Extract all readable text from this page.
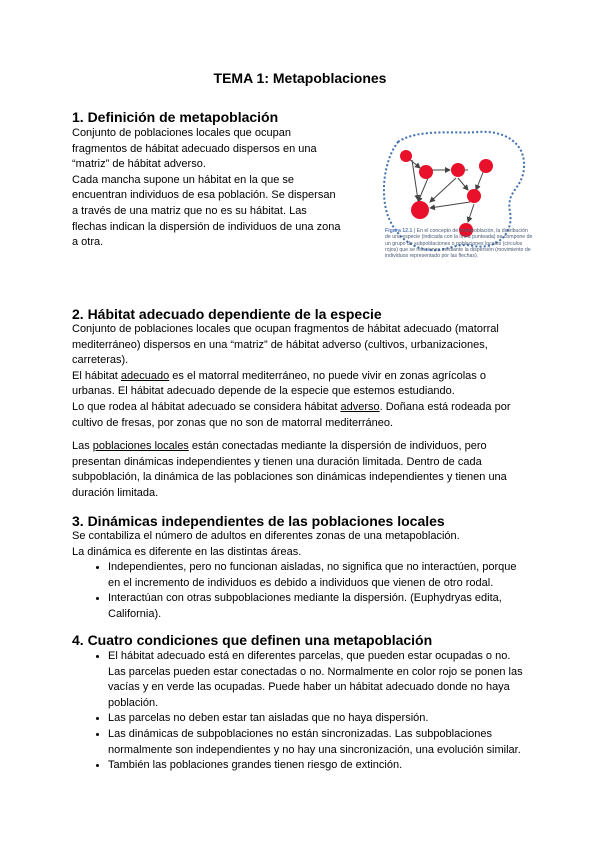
TEMA 1: Metapoblaciones
1. Definición de metapoblación
Conjunto de poblaciones locales que ocupan
fragmentos de hábitat adecuado dispersos en una
“matriz” de hábitat adverso.
Cada mancha supone un hábitat en la que se
encuentran individuos de esa población. Se dispersan
a través de una matriz que no es su hábitat. Las
flechas indican la dispersión de individuos de una zona
a otra.
Figura 12.1 | En el concepto de metapoblación, la distribución de una especie (indicada con la línea punteada) se compone de un grupo de subpoblaciones o poblaciones locales (círculos rojos) que se relacionan mediante la dispersión (movimiento de individuos representado por las flechas).
2. Hábitat adecuado dependiente de la especie
Conjunto de poblaciones locales que ocupan fragmentos de hábitat adecuado (matorral mediterráneo) dispersos en una “matriz” de hábitat adverso (cultivos, urbanizaciones, carreteras).
El hábitat adecuado es el matorral mediterráneo, no puede vivir en zonas agrícolas o urbanas. El hábitat adecuado depende de la especie que estemos estudiando.
Lo que rodea al hábitat adecuado se considera hábitat adverso. Doñana está rodeada por cultivo de fresas, por zonas que no son de matorral mediterráneo.
Las poblaciones locales están conectadas mediante la dispersión de individuos, pero presentan dinámicas independientes y tienen una duración limitada. Dentro de cada subpoblación, la dinámica de las poblaciones son dinámicas independientes y tienen una duración limitada.
3. Dinámicas independientes de las poblaciones locales
Se contabiliza el número de adultos en diferentes zonas de una metapoblación.
La dinámica es diferente en las distintas áreas.
• Independientes, pero no funcionan aisladas, no significa que no interactúen, porque en el incremento de individuos es debido a individuos que vienen de otro rodal.
• Interactúan con otras subpoblaciones mediante la dispersión. (Euphydryas edita, California).
4. Cuatro condiciones que definen una metapoblación
• El hábitat adecuado está en diferentes parcelas, que pueden estar ocupadas o no. Las parcelas pueden estar conectadas o no. Normalmente en color rojo se ponen las vacías y en verde las ocupadas. Puede haber un hábitat adecuado donde no haya población.
• Las parcelas no deben estar tan aisladas que no haya dispersión.
• Las dinámicas de subpoblaciones no están sincronizadas. Las subpoblaciones normalmente son independientes y no hay una sincronización, una evolución similar.
• También las poblaciones grandes tienen riesgo de extinción.
